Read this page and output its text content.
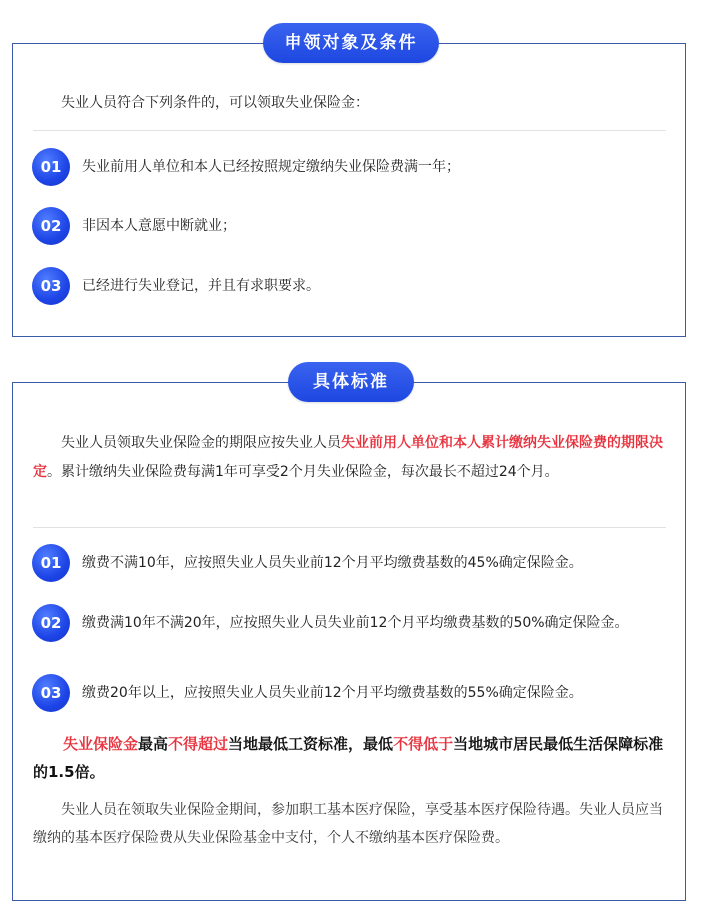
申领对象及条件
失业人员符合下列条件的，可以领取失业保险金：
01	失业前用人单位和本人已经按照规定缴纳失业保险费满一年；
02	非因本人意愿中断就业；
03	已经进行失业登记，并且有求职要求。
具体标准
失业人员领取失业保险金的期限应按失业人员失业前用人单位和本人累计缴纳失业保险费的期限决定。累计缴纳失业保险费每满1年可享受2个月失业保险金，每次最长不超过24个月。
01	缴费不满10年，应按照失业人员失业前12个月平均缴费基数的45%确定保险金。
02	缴费满10年不满20年，应按照失业人员失业前12个月平均缴费基数的50%确定保险金。
03	缴费20年以上，应按照失业人员失业前12个月平均缴费基数的55%确定保险金。
失业保险金最高不得超过当地最低工资标准，最低不得低于当地城市居民最低生活保障标准的1.5倍。
失业人员在领取失业保险金期间，参加职工基本医疗保险，享受基本医疗保险待遇。失业人员应当缴纳的基本医疗保险费从失业保险基金中支付，个人不缴纳基本医疗保险费。
